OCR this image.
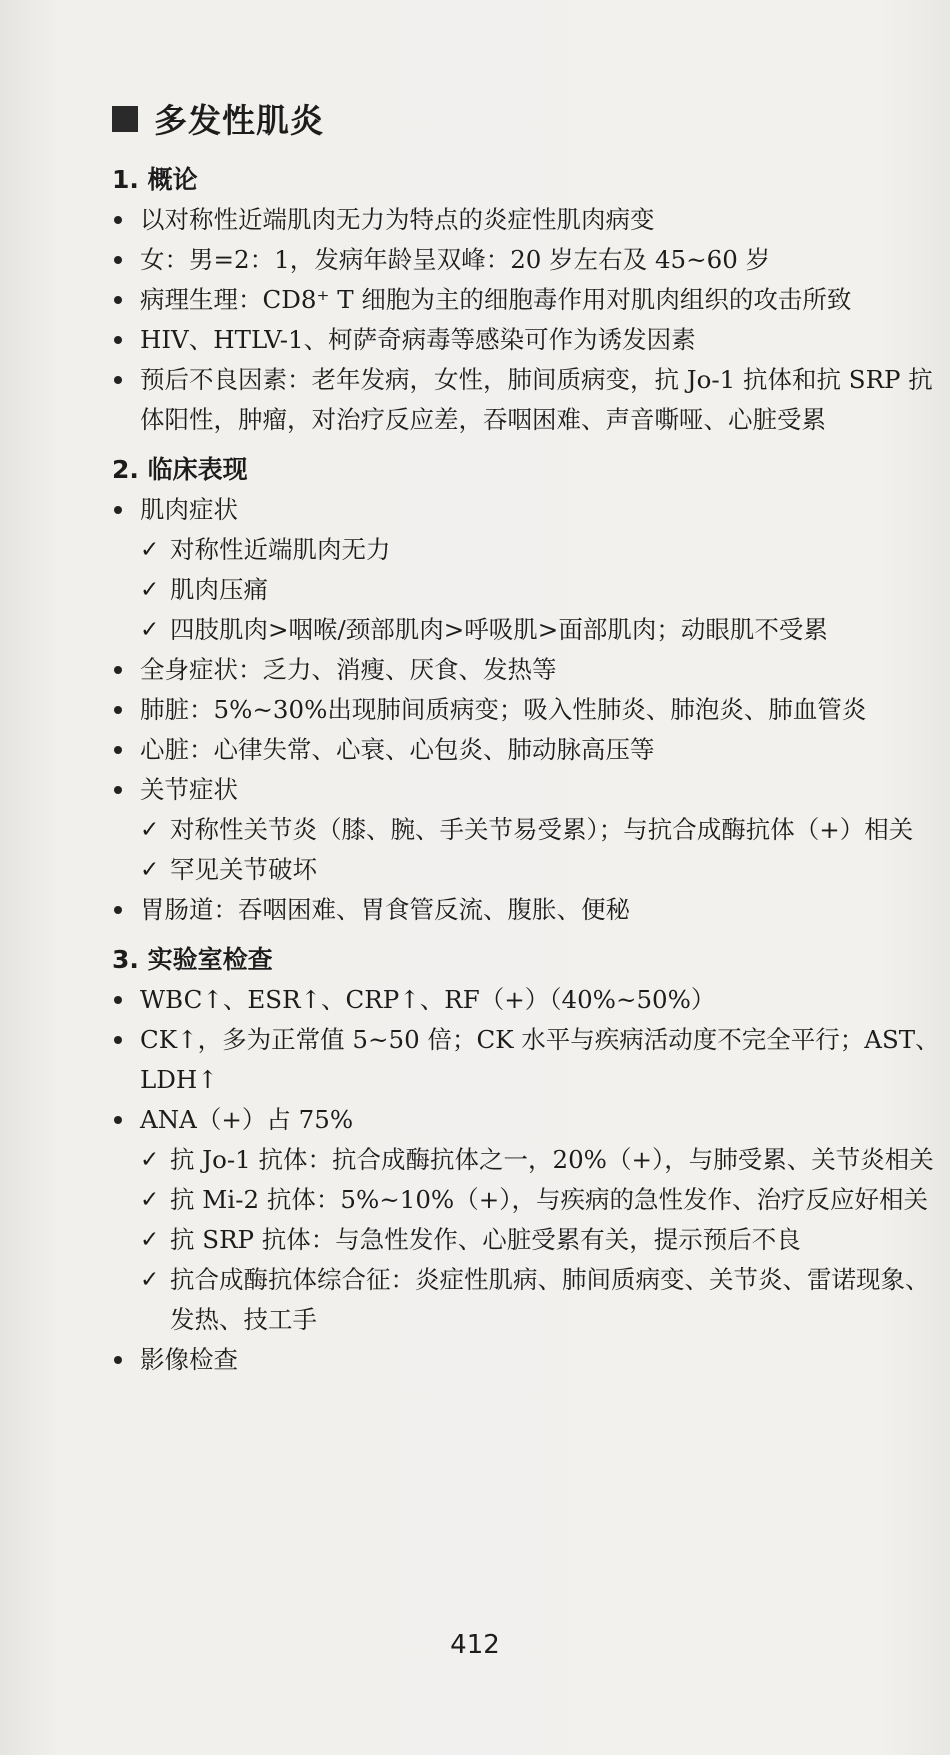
多发性肌炎
1. 概论
以对称性近端肌肉无力为特点的炎症性肌肉病变
女：男=2：1，发病年龄呈双峰：20 岁左右及 45~60 岁
病理生理：CD8⁺ T 细胞为主的细胞毒作用对肌肉组织的攻击所致
HIV、HTLV-1、柯萨奇病毒等感染可作为诱发因素
预后不良因素：老年发病，女性，肺间质病变，抗 Jo-1 抗体和抗 SRP 抗体阳性，肿瘤，对治疗反应差，吞咽困难、声音嘶哑、心脏受累
2. 临床表现
肌肉症状
✓ 对称性近端肌肉无力
✓ 肌肉压痛
✓ 四肢肌肉>咽喉/颈部肌肉>呼吸肌>面部肌肉；动眼肌不受累
全身症状：乏力、消瘦、厌食、发热等
肺脏：5%~30%出现肺间质病变；吸入性肺炎、肺泡炎、肺血管炎
心脏：心律失常、心衰、心包炎、肺动脉高压等
关节症状
✓ 对称性关节炎（膝、腕、手关节易受累）；与抗合成酶抗体（+）相关
✓ 罕见关节破坏
胃肠道：吞咽困难、胃食管反流、腹胀、便秘
3. 实验室检查
WBC↑、ESR↑、CRP↑、RF（+）（40%~50%）
CK↑，多为正常值 5~50 倍；CK 水平与疾病活动度不完全平行；AST、LDH↑
ANA（+）占 75%
✓ 抗 Jo-1 抗体：抗合成酶抗体之一，20%（+），与肺受累、关节炎相关
✓ 抗 Mi-2 抗体：5%~10%（+），与疾病的急性发作、治疗反应好相关
✓ 抗 SRP 抗体：与急性发作、心脏受累有关，提示预后不良
✓ 抗合成酶抗体综合征：炎症性肌病、肺间质病变、关节炎、雷诺现象、发热、技工手
影像检查
412
